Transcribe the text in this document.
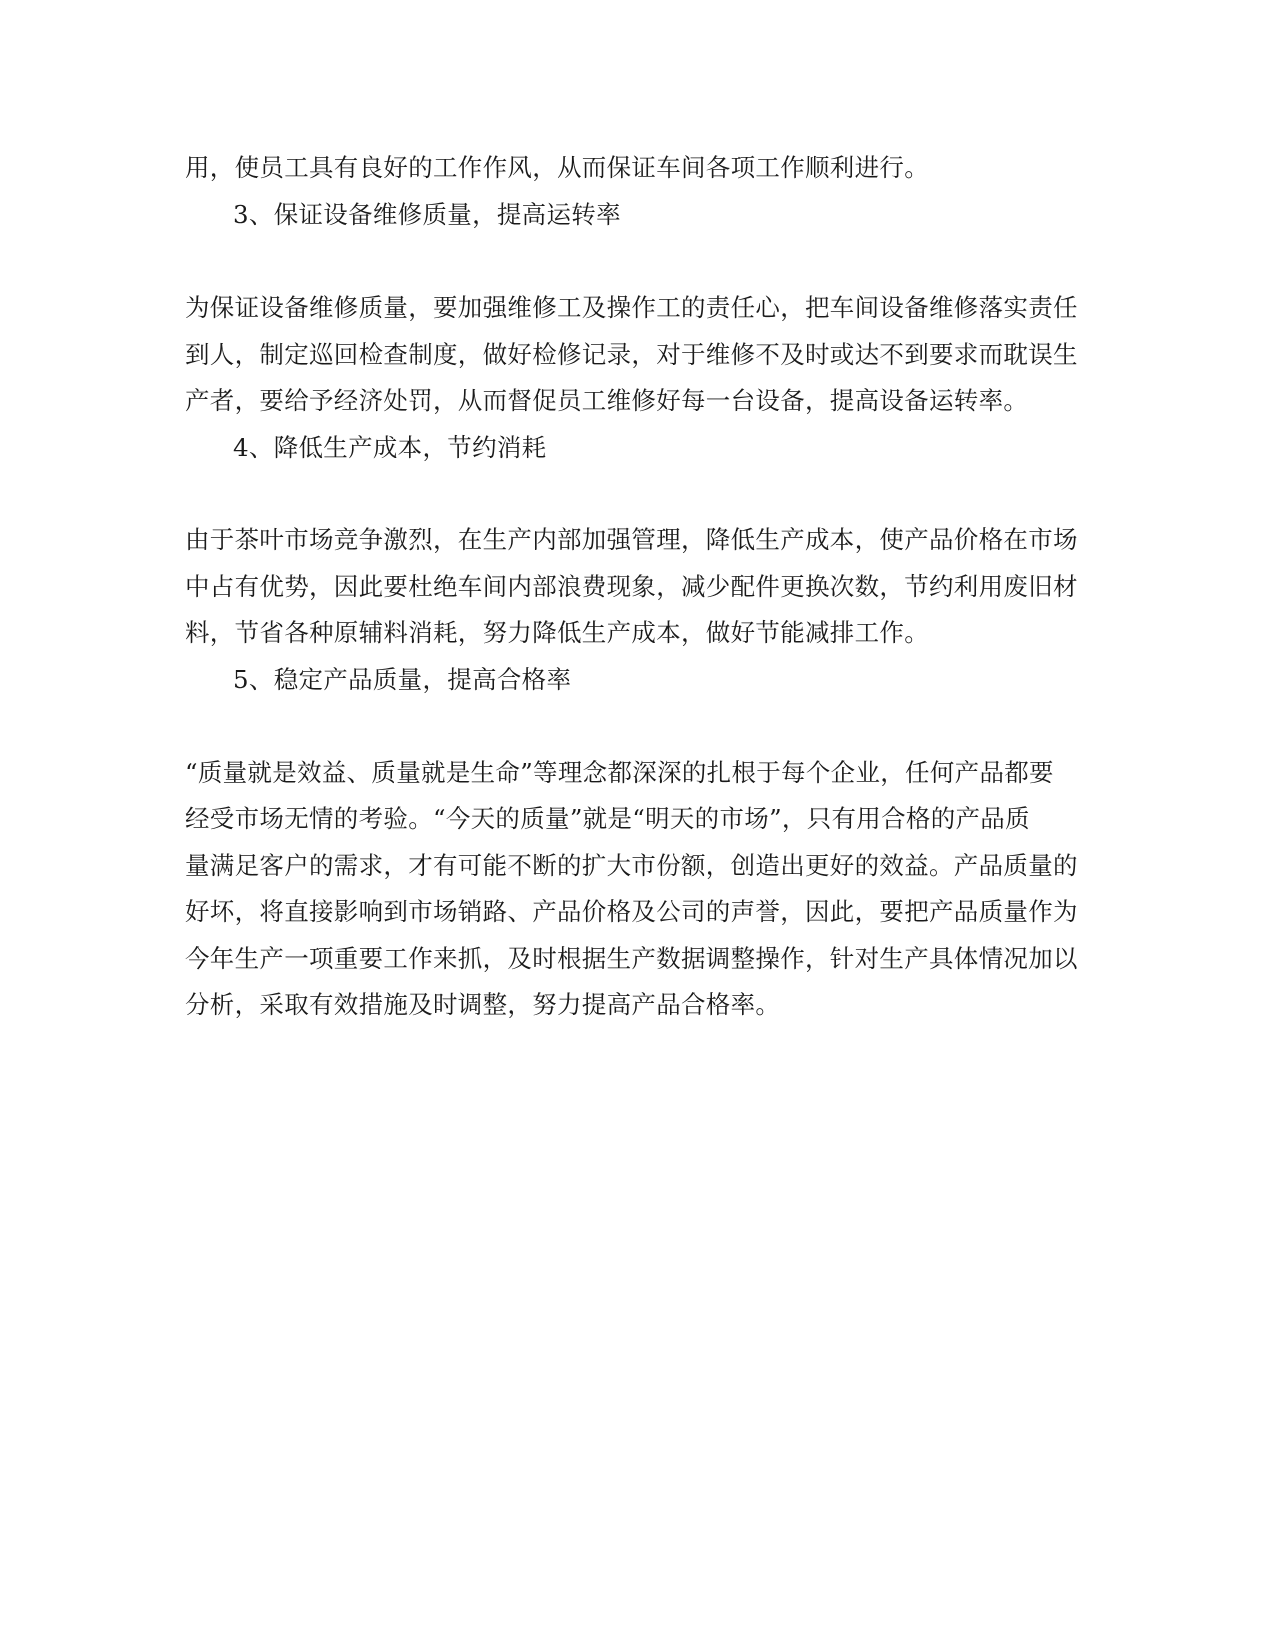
用，使员工具有良好的工作作风，从而保证车间各项工作顺利进行。
3、保证设备维修质量，提高运转率
为保证设备维修质量，要加强维修工及操作工的责任心，把车间设备维修落实责任
到人，制定巡回检查制度，做好检修记录，对于维修不及时或达不到要求而耽误生
产者，要给予经济处罚，从而督促员工维修好每一台设备，提高设备运转率。
4、降低生产成本，节约消耗
由于茶叶市场竞争激烈，在生产内部加强管理，降低生产成本，使产品价格在市场
中占有优势，因此要杜绝车间内部浪费现象，减少配件更换次数，节约利用废旧材
料，节省各种原辅料消耗，努力降低生产成本，做好节能减排工作。
5、稳定产品质量，提高合格率
“质量就是效益、质量就是生命”等理念都深深的扎根于每个企业，任何产品都要
经受市场无情的考验。“今天的质量”就是“明天的市场”，只有用合格的产品质
量满足客户的需求，才有可能不断的扩大市份额，创造出更好的效益。产品质量的
好坏，将直接影响到市场销路、产品价格及公司的声誉，因此，要把产品质量作为
今年生产一项重要工作来抓，及时根据生产数据调整操作，针对生产具体情况加以
分析，采取有效措施及时调整，努力提高产品合格率。
